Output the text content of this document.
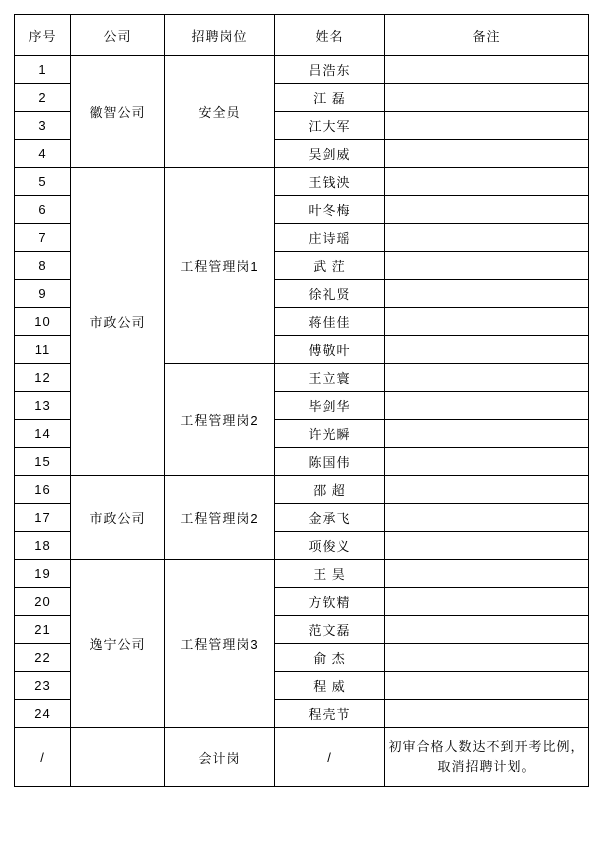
序号	公司	招聘岗位	姓名	备注
1	徽智公司	安全员	吕浩东	
2			江 磊	
3			江大军	
4			吴剑威	
5	市政公司	工程管理岗1	王钱泱	
6			叶冬梅	
7			庄诗瑶	
8			武 茳	
9			徐礼贤	
10			蒋佳佳	
11			傅敬叶	
12		工程管理岗2	王立寰	
13			毕剑华	
14			许光瞬	
15			陈国伟	
16	市政公司	工程管理岗2	邵 超	
17			金承飞	
18			项俊义	
19	逸宁公司	工程管理岗3	王 昊	
20			方钦精	
21			范文磊	
22			俞 杰	
23			程 威	
24			程壳节	
/		会计岗	/	初审合格人数达不到开考比例，取消招聘计划。
